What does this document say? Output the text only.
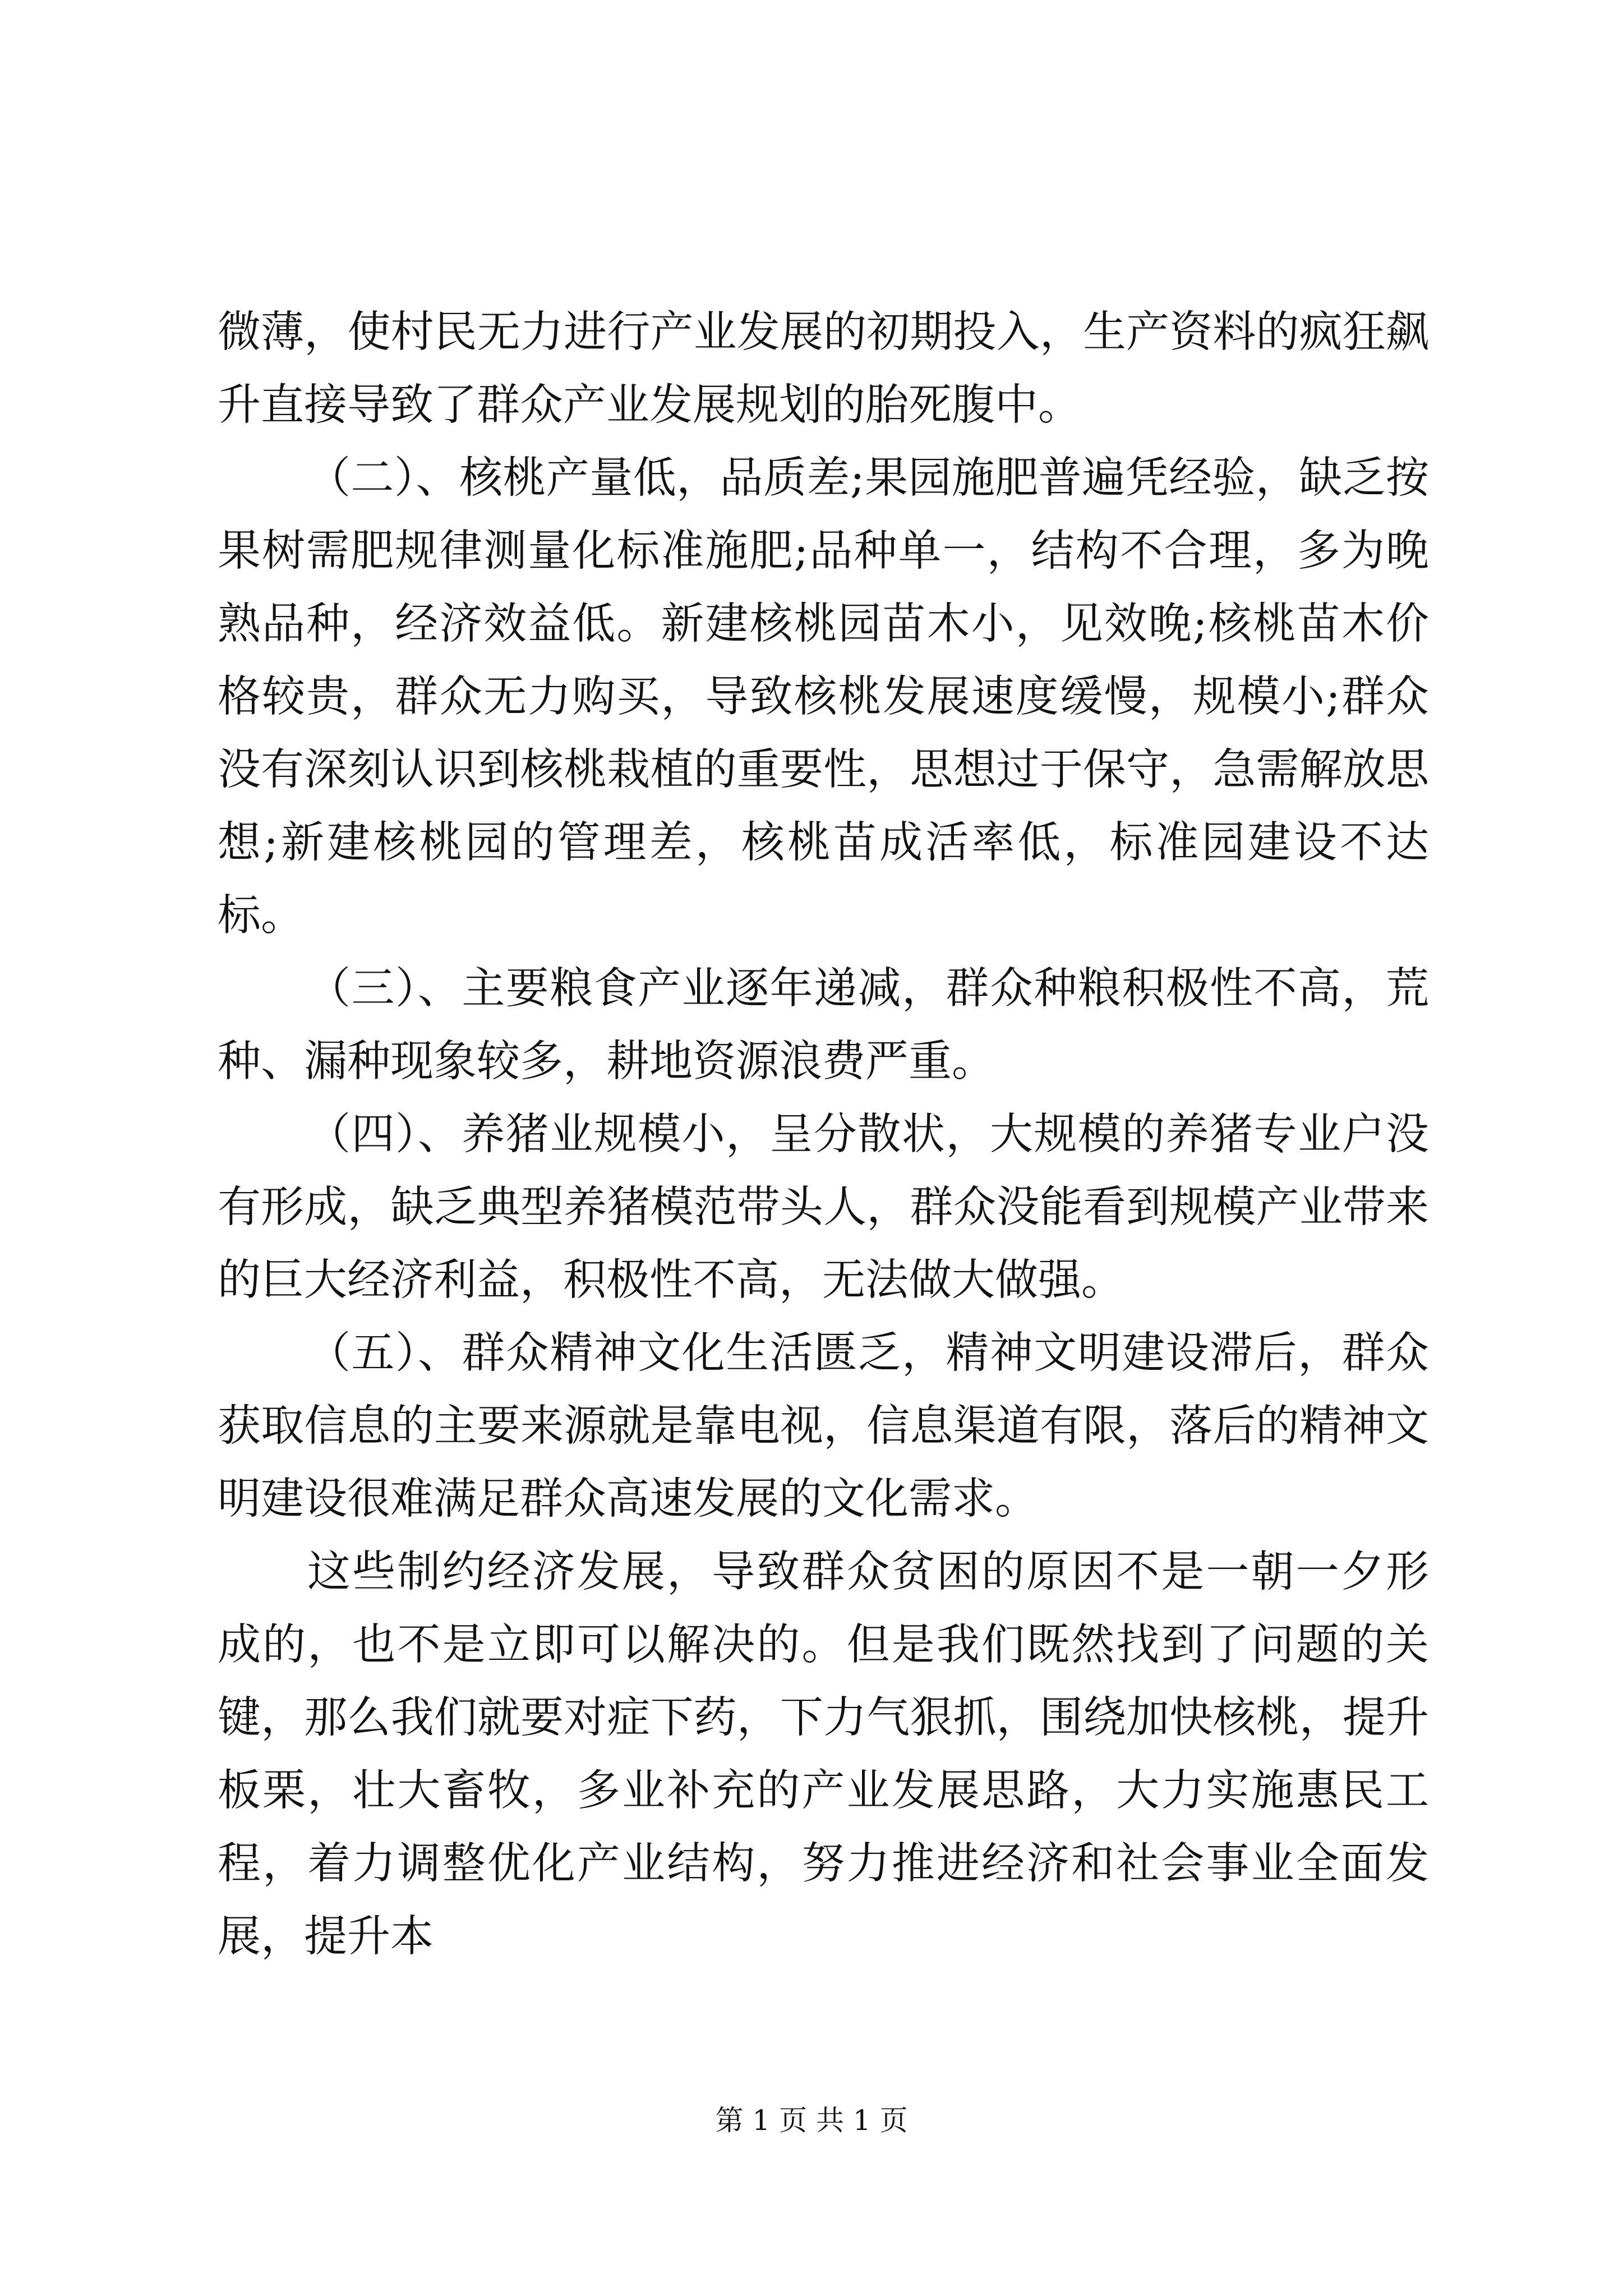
微薄，使村民无力进行产业发展的初期投入，生产资料的疯狂飙升直接导致了群众产业发展规划的胎死腹中。

（二）、核桃产量低，品质差;果园施肥普遍凭经验，缺乏按果树需肥规律测量化标准施肥;品种单一，结构不合理，多为晚熟品种，经济效益低。新建核桃园苗木小，见效晚;核桃苗木价格较贵，群众无力购买，导致核桃发展速度缓慢，规模小;群众没有深刻认识到核桃栽植的重要性，思想过于保守，急需解放思想;新建核桃园的管理差，核桃苗成活率低，标准园建设不达标。

（三）、主要粮食产业逐年递减，群众种粮积极性不高，荒种、漏种现象较多，耕地资源浪费严重。

（四）、养猪业规模小，呈分散状，大规模的养猪专业户没有形成，缺乏典型养猪模范带头人，群众没能看到规模产业带来的巨大经济利益，积极性不高，无法做大做强。

（五）、群众精神文化生活匮乏，精神文明建设滞后，群众获取信息的主要来源就是靠电视，信息渠道有限，落后的精神文明建设很难满足群众高速发展的文化需求。

这些制约经济发展，导致群众贫困的原因不是一朝一夕形成的，也不是立即可以解决的。但是我们既然找到了问题的关键，那么我们就要对症下药，下力气狠抓，围绕加快核桃，提升板栗，壮大畜牧，多业补充的产业发展思路，大力实施惠民工程，着力调整优化产业结构，努力推进经济和社会事业全面发展，提升本

第 1 页 共 1 页
